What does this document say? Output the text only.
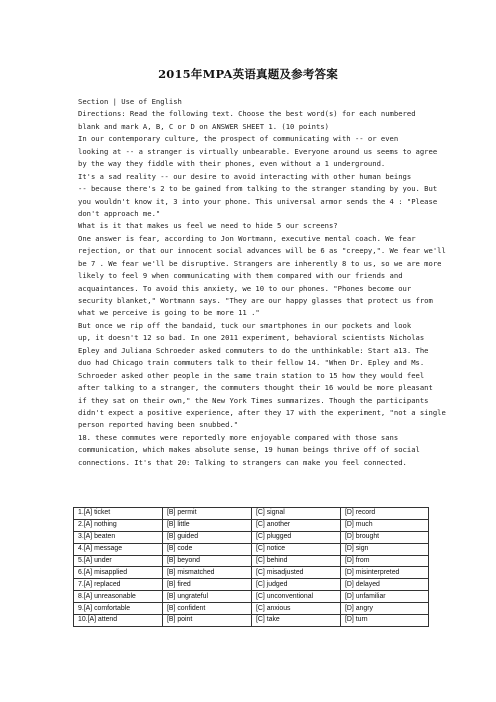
2015年MPA英语真题及参考答案
Section | Use of English
Directions: Read the following text. Choose the best word(s) for each numbered
blank and mark A, B, C or D on ANSWER SHEET 1. (10 points)
In our contemporary culture, the prospect of communicating with -- or even
looking at -- a stranger is virtually unbearable. Everyone around us seems to agree
by the way they fiddle with their phones, even without a 1 underground.
It's a sad reality -- our desire to avoid interacting with other human beings
-- because there's 2 to be gained from talking to the stranger standing by you. But
you wouldn't know it, 3 into your phone. This universal armor sends the 4 : "Please
don't approach me."
What is it that makes us feel we need to hide 5 our screens?
One answer is fear, according to Jon Wortmann, executive mental coach. We fear
rejection, or that our innocent social advances will be 6 as "creepy,". We fear we'll
be 7 . We fear we'll be disruptive. Strangers are inherently 8 to us, so we are more
likely to feel 9 when communicating with them compared with our friends and
acquaintances. To avoid this anxiety, we 10 to our phones. "Phones become our
security blanket," Wortmann says. "They are our happy glasses that protect us from
what we perceive is going to be more 11 ."
But once we rip off the bandaid, tuck our smartphones in our pockets and look
up, it doesn't 12 so bad. In one 2011 experiment, behavioral scientists Nicholas
Epley and Juliana Schroeder asked commuters to do the unthinkable: Start a13. The
duo had Chicago train commuters talk to their fellow 14. "When Dr. Epley and Ms.
Schroeder asked other people in the same train station to 15 how they would feel
after talking to a stranger, the commuters thought their 16 would be more pleasant
if they sat on their own," the New York Times summarizes. Though the participants
didn't expect a positive experience, after they 17 with the experiment, "not a single
person reported having been snubbed."
18. these commutes were reportedly more enjoyable compared with those sans
communication, which makes absolute sense, 19 human beings thrive off of social
connections. It's that 20: Talking to strangers can make you feel connected.
1.[A] ticket	[B] permit	[C] signal	[D] record
2.[A] nothing	[B] little	[C] another	[D] much
3.[A] beaten	[B] guided	[C] plugged	[D] brought
4.[A] message	[B] code	[C] notice	[D] sign
5.[A] under	[B] beyond	[C] behind	[D] from
6.[A] misapplied	[B] mismatched	[C] misadjusted	[D] misinterpreted
7.[A] replaced	[B] fired	[C] judged	[D] delayed
8.[A] unreasonable	[B] ungrateful	[C] unconventional	[D] unfamiliar
9.[A] comfortable	[B] confident	[C] anxious	[D] angry
10.[A] attend	[B] point	[C] take	[D] turn
